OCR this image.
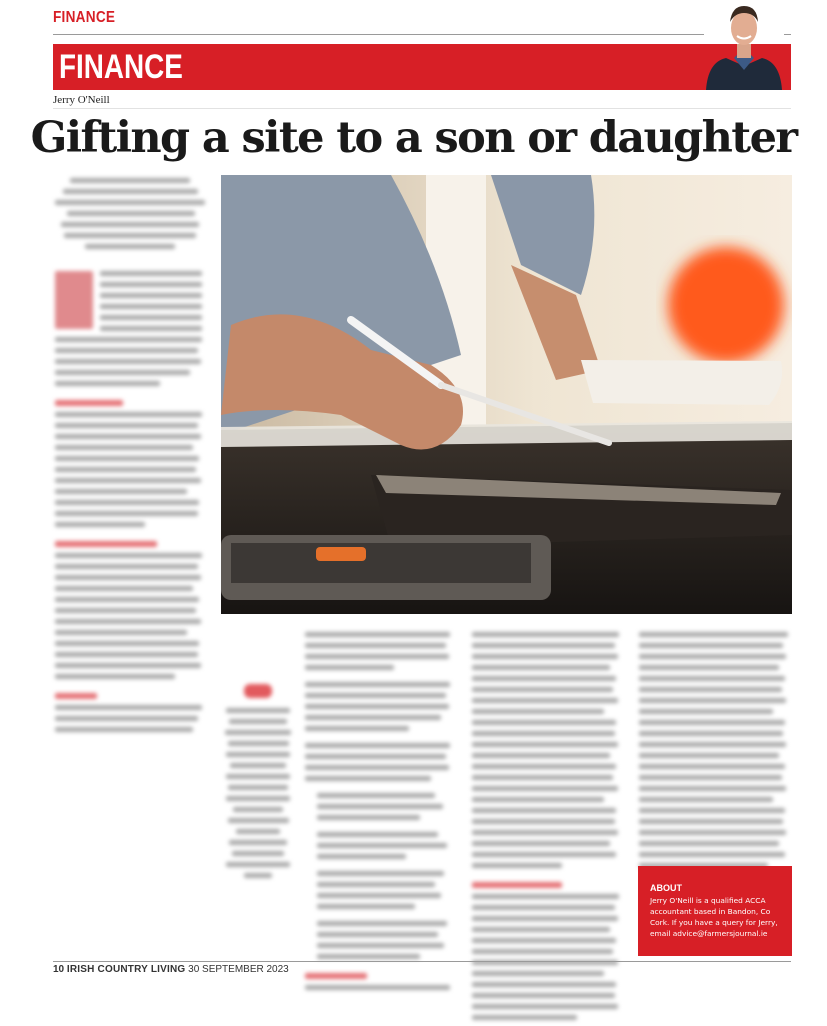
FINANCE
FINANCE
Jerry O'Neill
Gifting a site to a son or daughter
ABOUT
Jerry O'Neill is a qualified ACCA accountant based in Bandon, Co Cork. If you have a query for Jerry, email advice@farmersjournal.ie
10 IRISH COUNTRY LIVING 30 SEPTEMBER 2023
